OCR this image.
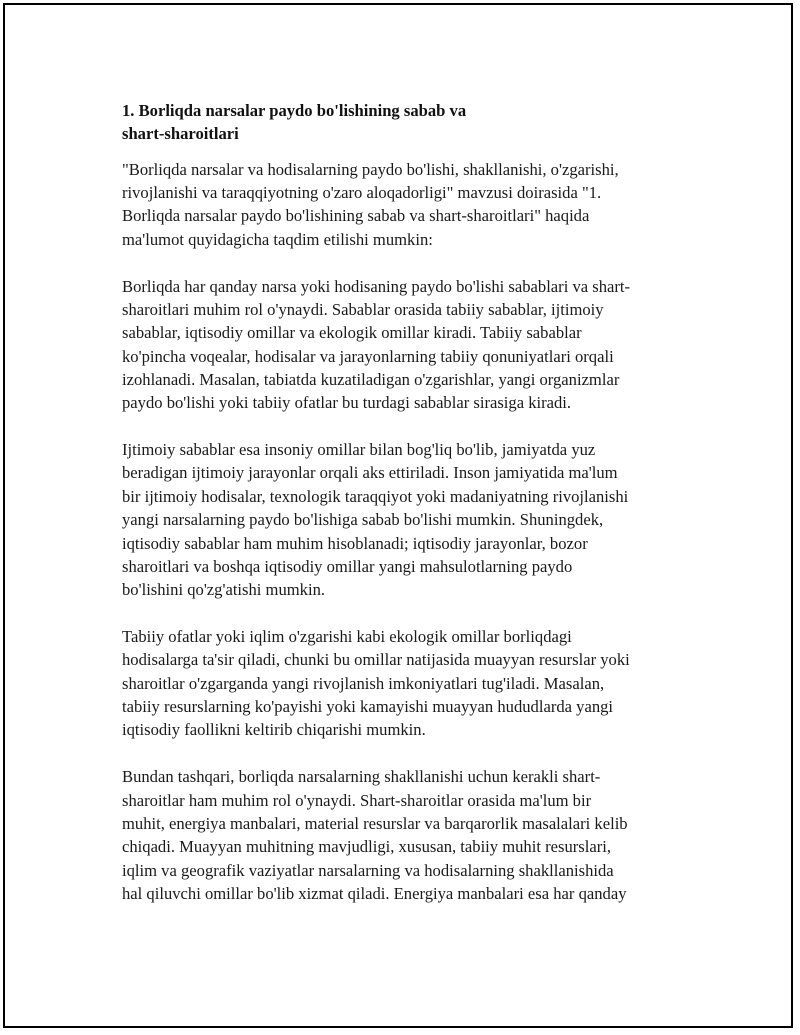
1. Borliqda narsalar paydo bo'lishining sabab va
shart-sharoitlari
"Borliqda narsalar va hodisalarning paydo bo'lishi, shakllanishi, o'zgarishi,
rivojlanishi va taraqqiyotning o'zaro aloqadorligi" mavzusi doirasida "1.
Borliqda narsalar paydo bo'lishining sabab va shart-sharoitlari" haqida
ma'lumot quyidagicha taqdim etilishi mumkin:
Borliqda har qanday narsa yoki hodisaning paydo bo'lishi sabablari va shart-
sharoitlari muhim rol o'ynaydi. Sabablar orasida tabiiy sabablar, ijtimoiy
sabablar, iqtisodiy omillar va ekologik omillar kiradi. Tabiiy sabablar
ko'pincha voqealar, hodisalar va jarayonlarning tabiiy qonuniyatlari orqali
izohlanadi. Masalan, tabiatda kuzatiladigan o'zgarishlar, yangi organizmlar
paydo bo'lishi yoki tabiiy ofatlar bu turdagi sabablar sirasiga kiradi.
Ijtimoiy sabablar esa insoniy omillar bilan bog'liq bo'lib, jamiyatda yuz
beradigan ijtimoiy jarayonlar orqali aks ettiriladi. Inson jamiyatida ma'lum
bir ijtimoiy hodisalar, texnologik taraqqiyot yoki madaniyatning rivojlanishi
yangi narsalarning paydo bo'lishiga sabab bo'lishi mumkin. Shuningdek,
iqtisodiy sabablar ham muhim hisoblanadi; iqtisodiy jarayonlar, bozor
sharoitlari va boshqa iqtisodiy omillar yangi mahsulotlarning paydo
bo'lishini qo'zg'atishi mumkin.
Tabiiy ofatlar yoki iqlim o'zgarishi kabi ekologik omillar borliqdagi
hodisalarga ta'sir qiladi, chunki bu omillar natijasida muayyan resurslar yoki
sharoitlar o'zgarganda yangi rivojlanish imkoniyatlari tug'iladi. Masalan,
tabiiy resurslarning ko'payishi yoki kamayishi muayyan hududlarda yangi
iqtisodiy faollikni keltirib chiqarishi mumkin.
Bundan tashqari, borliqda narsalarning shakllanishi uchun kerakli shart-
sharoitlar ham muhim rol o'ynaydi. Shart-sharoitlar orasida ma'lum bir
muhit, energiya manbalari, material resurslar va barqarorlik masalalari kelib
chiqadi. Muayyan muhitning mavjudligi, xususan, tabiiy muhit resurslari,
iqlim va geografik vaziyatlar narsalarning va hodisalarning shakllanishida
hal qiluvchi omillar bo'lib xizmat qiladi. Energiya manbalari esa har qanday
